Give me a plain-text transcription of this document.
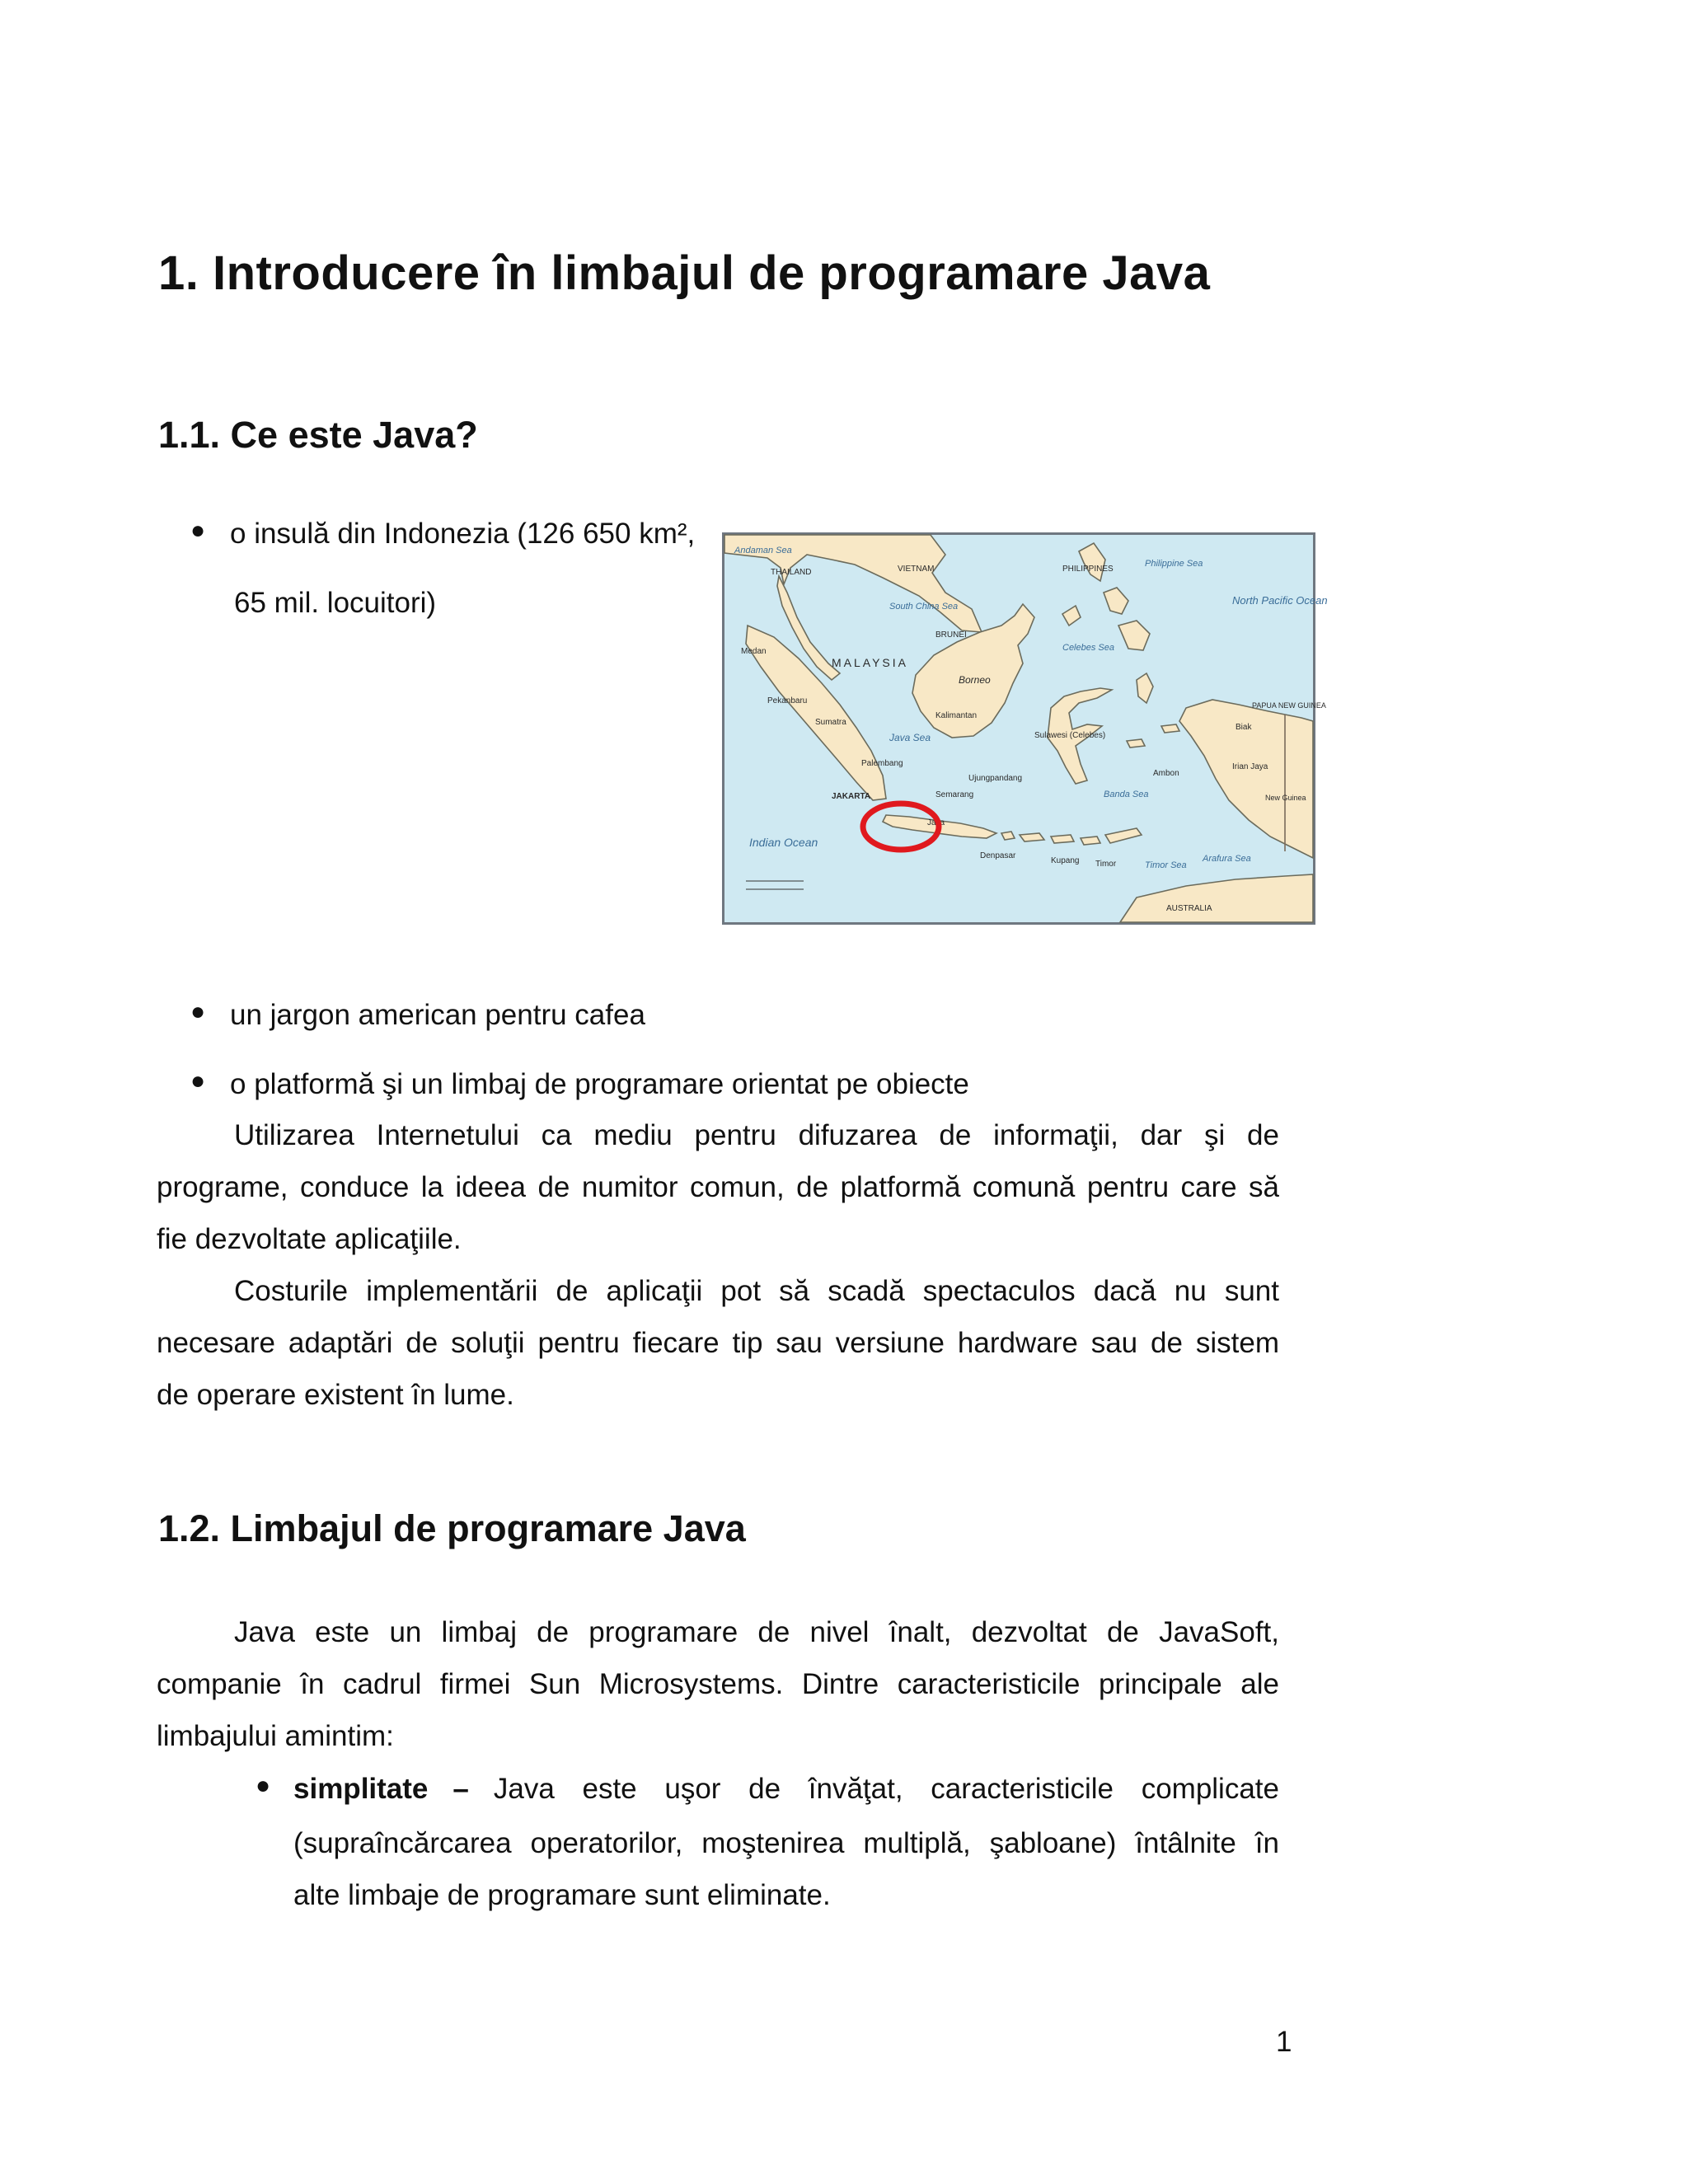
1. Introducere în limbajul de programare Java
1.1. Ce este Java?
● o insulă din Indonezia (126 650 km²,
65 mil. locuitori)
Andaman Sea
Java Sea
Indian Ocean
South China Sea
Philippine Sea
North Pacific Ocean
Celebes Sea
Banda Sea
Timor Sea
Arafura Sea
THAILAND	VIETNAM	PHILIPPINES
BRUNEI
MALAYSIA
Borneo
Medan
Pekanbaru
Kalimantan
Sumatra
Sulawesi (Celebes)
PAPUA NEW GUINEA
Palembang
Ujungpandang
JAKARTA	Semarang
Java
Denpasar
Kupang Timor
AUSTRALIA
Irian Jaya
New Guinea
Ambon
Biak
● un jargon american pentru cafea
● o platformă şi un limbaj de programare orientat pe obiecte
Utilizarea Internetului ca mediu pentru difuzarea de informaţii, dar şi de
programe, conduce la ideea de numitor comun, de platformă comună pentru care să
fie dezvoltate aplicaţiile.
Costurile implementării de aplicaţii pot să scadă spectaculos dacă nu sunt
necesare adaptări de soluţii pentru fiecare tip sau versiune hardware sau de sistem
de operare existent în lume.
1.2. Limbajul de programare Java
Java este un limbaj de programare de nivel înalt, dezvoltat de JavaSoft,
companie în cadrul firmei Sun Microsystems. Dintre caracteristicile principale ale
limbajului amintim:
● simplitate – Java este uşor de învăţat, caracteristicile complicate
(supraîncărcarea operatorilor, moştenirea multiplă, şabloane) întâlnite în
alte limbaje de programare sunt eliminate.
1
